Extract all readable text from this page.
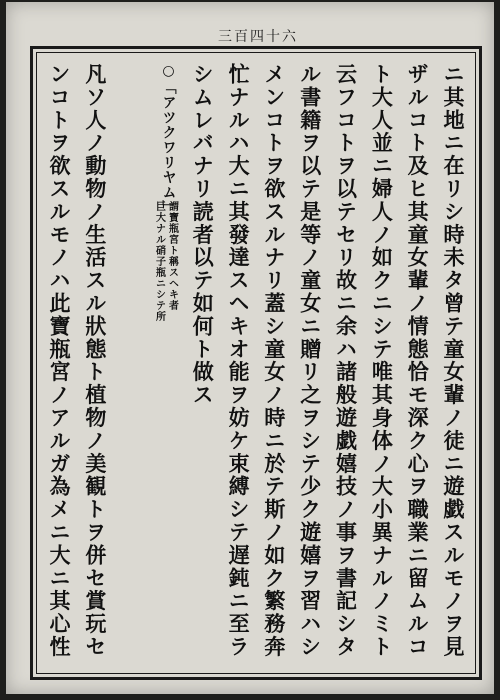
三百四十六
ニ其地ニ在リシ時未タ曾テ童女輩ノ徒ニ遊戯スルモノヲ見
ザルコト及ヒ其童女輩ノ情態恰モ深ク心ヲ職業ニ留ムルコ
ト大人並ニ婦人ノ如クニシテ唯其身体ノ大小異ナルノミト
云フコトヲ以テセリ故ニ余ハ諸般遊戯嬉技ノ事ヲ書記シタ
ル書籍ヲ以テ是等ノ童女ニ贈リ之ヲシテ少ク遊嬉ヲ習ハシ
メンコトヲ欲スルナリ蓋シ童女ノ時ニ於テ斯ノ如ク繁務奔
忙ナルハ大ニ其發達スヘキオ能ヲ妨ケ束縛シテ遅鈍ニ至ラ
シムレバナリ読者以テ如何ト做ス
○「アツクワリヤム」
巨大ナル硝子瓶ニシテ所 謂寶瓶宮ト稱スヘキ者
凡ソ人ノ動物ノ生活スル狀態ト植物ノ美観トヲ併セ賞玩セ
ンコトヲ欲スルモノハ此寶瓶宮ノアルガ為メニ大ニ其心性
